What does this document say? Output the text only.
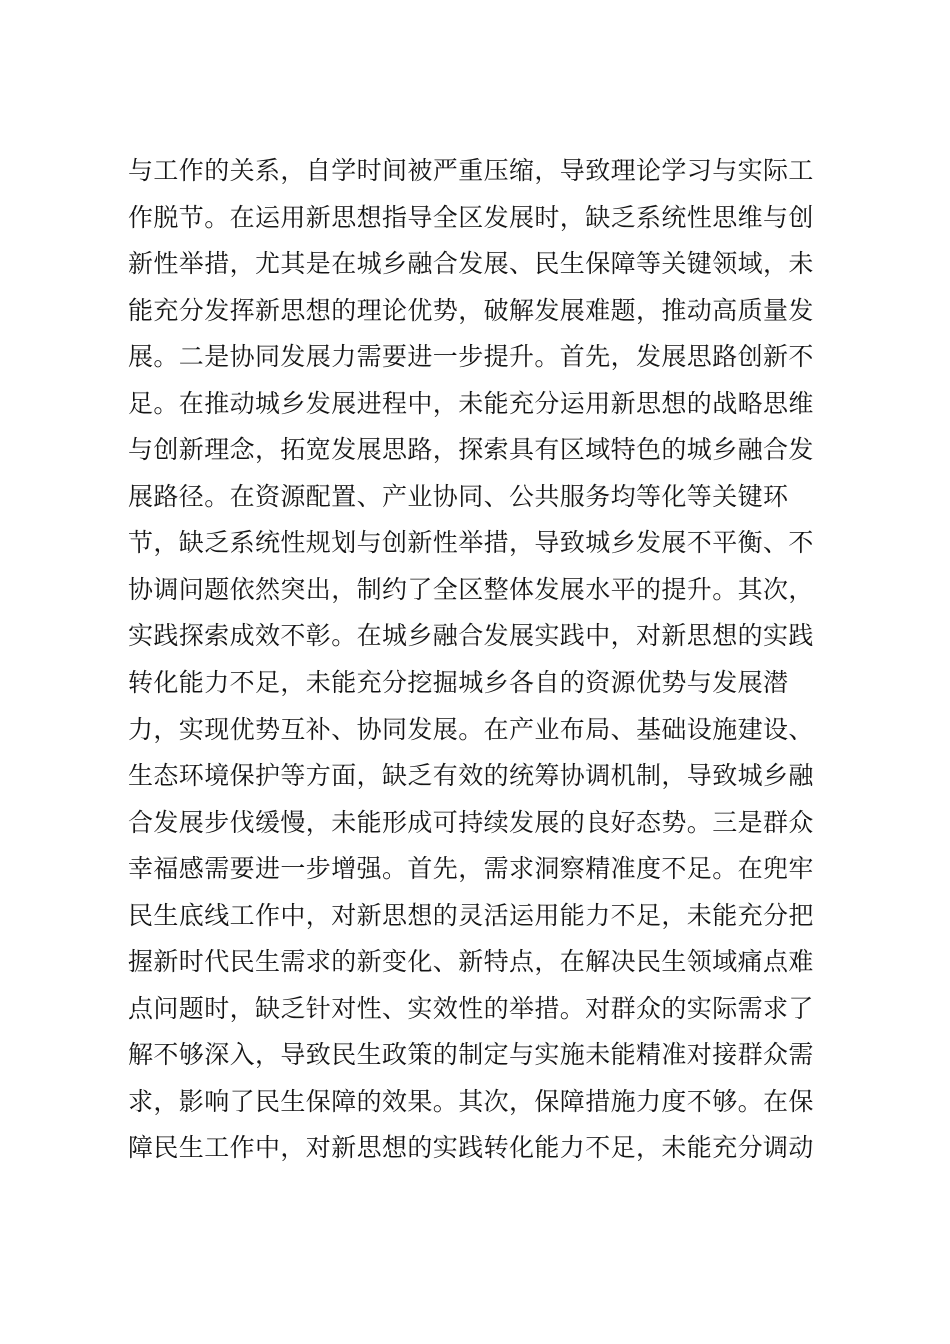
与工作的关系，自学时间被严重压缩，导致理论学习与实际工
作脱节。在运用新思想指导全区发展时，缺乏系统性思维与创
新性举措，尤其是在城乡融合发展、民生保障等关键领域，未
能充分发挥新思想的理论优势，破解发展难题，推动高质量发
展。二是协同发展力需要进一步提升。首先，发展思路创新不
足。在推动城乡发展进程中，未能充分运用新思想的战略思维
与创新理念，拓宽发展思路，探索具有区域特色的城乡融合发
展路径。在资源配置、产业协同、公共服务均等化等关键环
节，缺乏系统性规划与创新性举措，导致城乡发展不平衡、不
协调问题依然突出，制约了全区整体发展水平的提升。其次，
实践探索成效不彰。在城乡融合发展实践中，对新思想的实践
转化能力不足，未能充分挖掘城乡各自的资源优势与发展潜
力，实现优势互补、协同发展。在产业布局、基础设施建设、
生态环境保护等方面，缺乏有效的统筹协调机制，导致城乡融
合发展步伐缓慢，未能形成可持续发展的良好态势。三是群众
幸福感需要进一步增强。首先，需求洞察精准度不足。在兜牢
民生底线工作中，对新思想的灵活运用能力不足，未能充分把
握新时代民生需求的新变化、新特点，在解决民生领域痛点难
点问题时，缺乏针对性、实效性的举措。对群众的实际需求了
解不够深入，导致民生政策的制定与实施未能精准对接群众需
求，影响了民生保障的效果。其次，保障措施力度不够。在保
障民生工作中，对新思想的实践转化能力不足，未能充分调动
